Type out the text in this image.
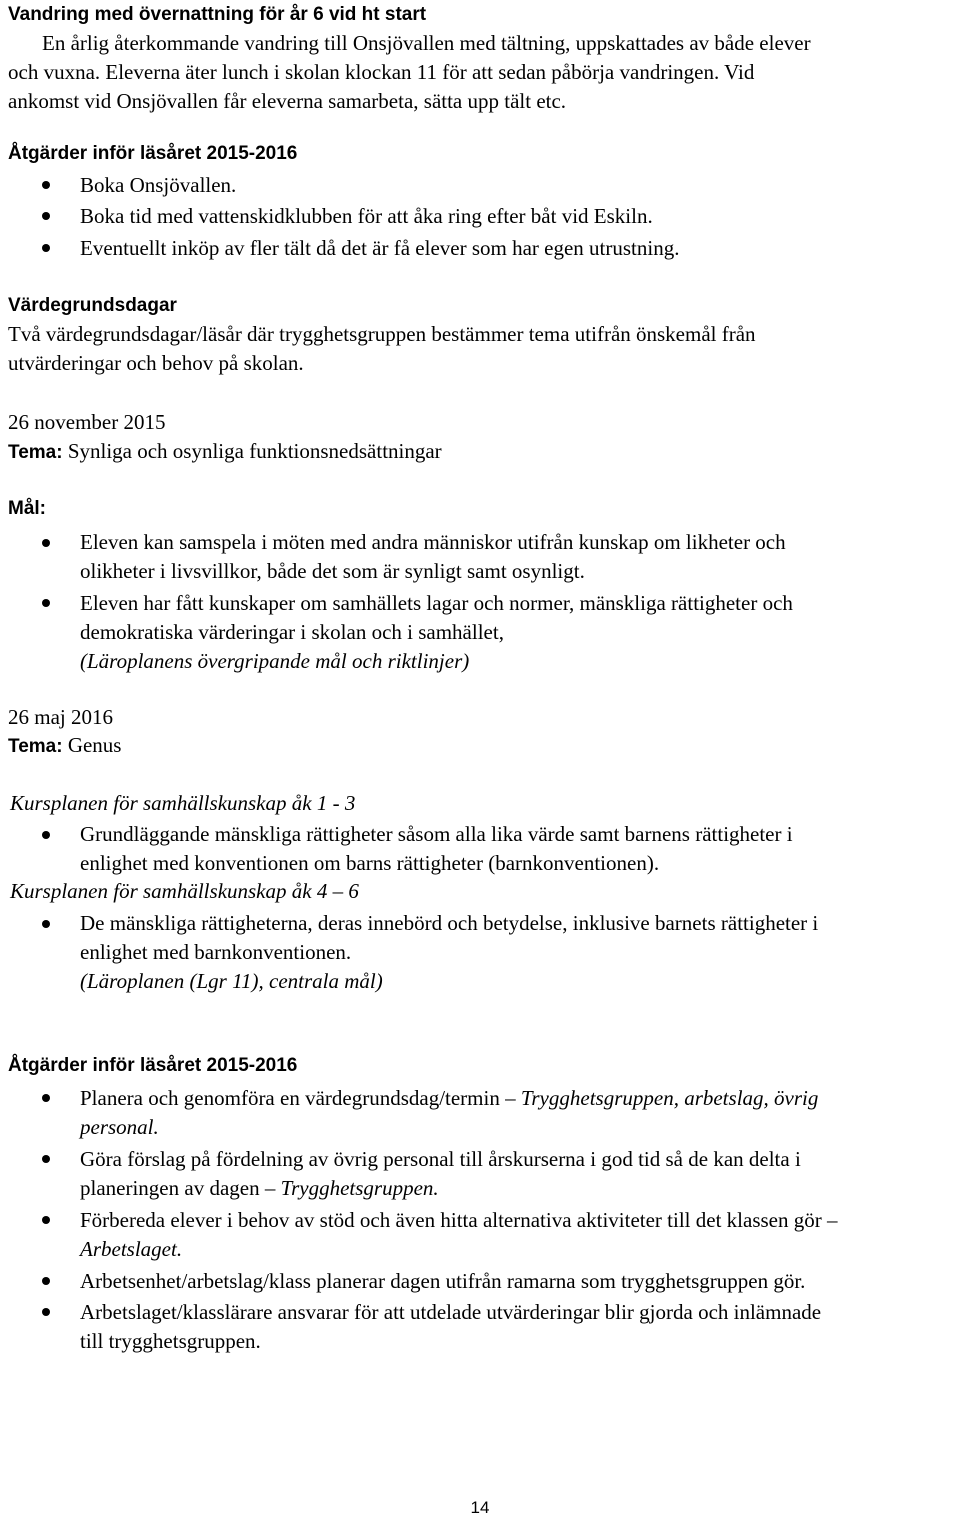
Vandring med övernattning för år 6 vid ht start
En årlig återkommande vandring till Onsjövallen med tältning, uppskattades av både elever
och vuxna. Eleverna äter lunch i skolan klockan 11 för att sedan påbörja vandringen. Vid
ankomst vid Onsjövallen får eleverna samarbeta, sätta upp tält etc.
Åtgärder inför läsåret 2015-2016
Boka Onsjövallen.
Boka tid med vattenskidklubben för att åka ring efter båt vid Eskiln.
Eventuellt inköp av fler tält då det är få elever som har egen utrustning.
Värdegrundsdagar
Två värdegrundsdagar/läsår där trygghetsgruppen bestämmer tema utifrån önskemål från
utvärderingar och behov på skolan.
26 november 2015
Tema: Synliga och osynliga funktionsnedsättningar
Mål:
Eleven kan samspela i möten med andra människor utifrån kunskap om likheter och
olikheter i livsvillkor, både det som är synligt samt osynligt.
Eleven har fått kunskaper om samhällets lagar och normer, mänskliga rättigheter och
demokratiska värderingar i skolan och i samhället,
(Läroplanens övergripande mål och riktlinjer)
26 maj 2016
Tema: Genus
Kursplanen för samhällskunskap åk 1 - 3
Grundläggande mänskliga rättigheter såsom alla lika värde samt barnens rättigheter i
enlighet med konventionen om barns rättigheter (barnkonventionen).
Kursplanen för samhällskunskap åk 4 – 6
De mänskliga rättigheterna, deras innebörd och betydelse, inklusive barnets rättigheter i
enlighet med barnkonventionen.
(Läroplanen (Lgr 11), centrala mål)
Åtgärder inför läsåret 2015-2016
Planera och genomföra en värdegrundsdag/termin – Trygghetsgruppen, arbetslag, övrig
personal.
Göra förslag på fördelning av övrig personal till årskurserna i god tid så de kan delta i
planeringen av dagen – Trygghetsgruppen.
Förbereda elever i behov av stöd och även hitta alternativa aktiviteter till det klassen gör –
Arbetslaget.
Arbetsenhet/arbetslag/klass planerar dagen utifrån ramarna som trygghetsgruppen gör.
Arbetslaget/klasslärare ansvarar för att utdelade utvärderingar blir gjorda och inlämnade
till trygghetsgruppen.
14
